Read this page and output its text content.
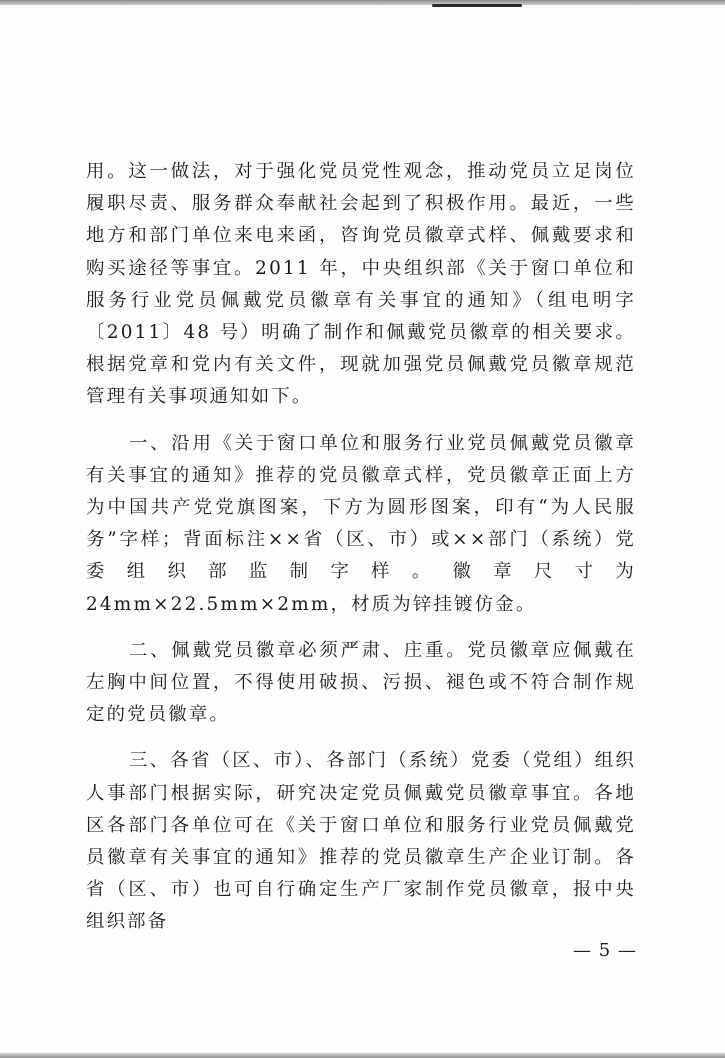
用。这一做法，对于强化党员党性观念，推动党员立足岗位履职尽责、服务群众奉献社会起到了积极作用。最近，一些地方和部门单位来电来函，咨询党员徽章式样、佩戴要求和购买途径等事宜。2011 年，中央组织部《关于窗口单位和服务行业党员佩戴党员徽章有关事宜的通知》（组电明字〔2011〕48 号）明确了制作和佩戴党员徽章的相关要求。根据党章和党内有关文件，现就加强党员佩戴党员徽章规范管理有关事项通知如下。

一、沿用《关于窗口单位和服务行业党员佩戴党员徽章有关事宜的通知》推荐的党员徽章式样，党员徽章正面上方为中国共产党党旗图案，下方为圆形图案，印有“为人民服务”字样；背面标注××省（区、市）或××部门（系统）党委组织部监制字样。徽章尺寸为 24mm×22.5mm×2mm，材质为锌挂镀仿金。

二、佩戴党员徽章必须严肃、庄重。党员徽章应佩戴在左胸中间位置，不得使用破损、污损、褪色或不符合制作规定的党员徽章。

三、各省（区、市）、各部门（系统）党委（党组）组织人事部门根据实际，研究决定党员佩戴党员徽章事宜。各地区各部门各单位可在《关于窗口单位和服务行业党员佩戴党员徽章有关事宜的通知》推荐的党员徽章生产企业订制。各省（区、市）也可自行确定生产厂家制作党员徽章，报中央组织部备

— 5 —
